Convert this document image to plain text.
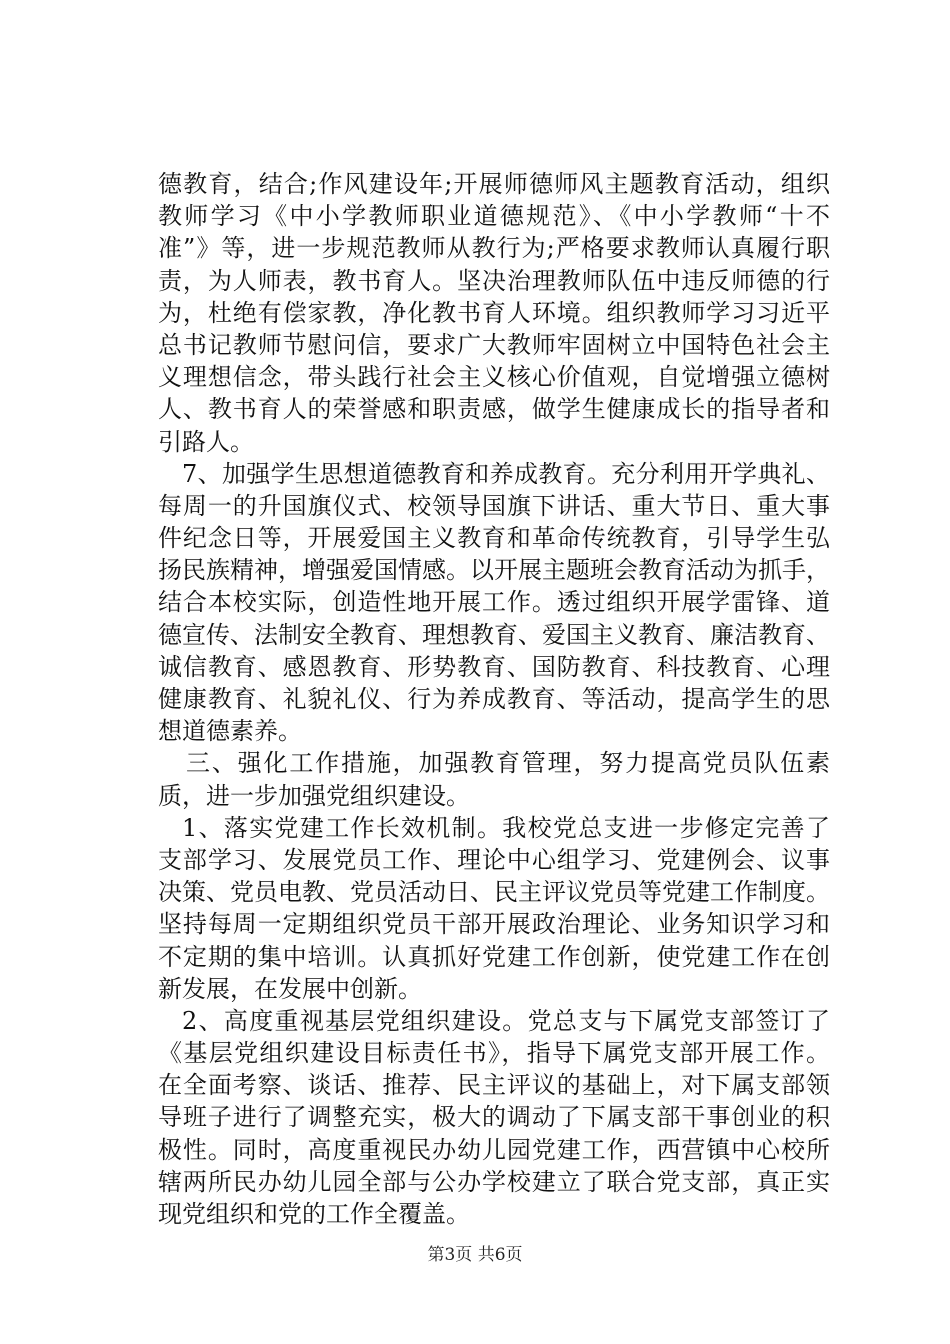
德教育，结合;作风建设年;开展师德师风主题教育活动，组织
教师学习《中小学教师职业道德规范》、《中小学教师“十不
准”》等，进一步规范教师从教行为;严格要求教师认真履行职
责，为人师表，教书育人。坚决治理教师队伍中违反师德的行
为，杜绝有偿家教，净化教书育人环境。组织教师学习习近平
总书记教师节慰问信，要求广大教师牢固树立中国特色社会主
义理想信念，带头践行社会主义核心价值观，自觉增强立德树
人、教书育人的荣誉感和职责感，做学生健康成长的指导者和
引路人。
7、加强学生思想道德教育和养成教育。充分利用开学典礼、
每周一的升国旗仪式、校领导国旗下讲话、重大节日、重大事
件纪念日等，开展爱国主义教育和革命传统教育，引导学生弘
扬民族精神，增强爱国情感。以开展主题班会教育活动为抓手，
结合本校实际，创造性地开展工作。透过组织开展学雷锋、道
德宣传、法制安全教育、理想教育、爱国主义教育、廉洁教育、
诚信教育、感恩教育、形势教育、国防教育、科技教育、心理
健康教育、礼貌礼仪、行为养成教育、等活动，提高学生的思
想道德素养。
三、强化工作措施，加强教育管理，努力提高党员队伍素
质，进一步加强党组织建设。
1、落实党建工作长效机制。我校党总支进一步修定完善了
支部学习、发展党员工作、理论中心组学习、党建例会、议事
决策、党员电教、党员活动日、民主评议党员等党建工作制度。
坚持每周一定期组织党员干部开展政治理论、业务知识学习和
不定期的集中培训。认真抓好党建工作创新，使党建工作在创
新发展，在发展中创新。
2、高度重视基层党组织建设。党总支与下属党支部签订了
《基层党组织建设目标责任书》，指导下属党支部开展工作。
在全面考察、谈话、推荐、民主评议的基础上，对下属支部领
导班子进行了调整充实，极大的调动了下属支部干事创业的积
极性。同时，高度重视民办幼儿园党建工作，西营镇中心校所
辖两所民办幼儿园全部与公办学校建立了联合党支部，真正实
现党组织和党的工作全覆盖。
第3页 共6页
